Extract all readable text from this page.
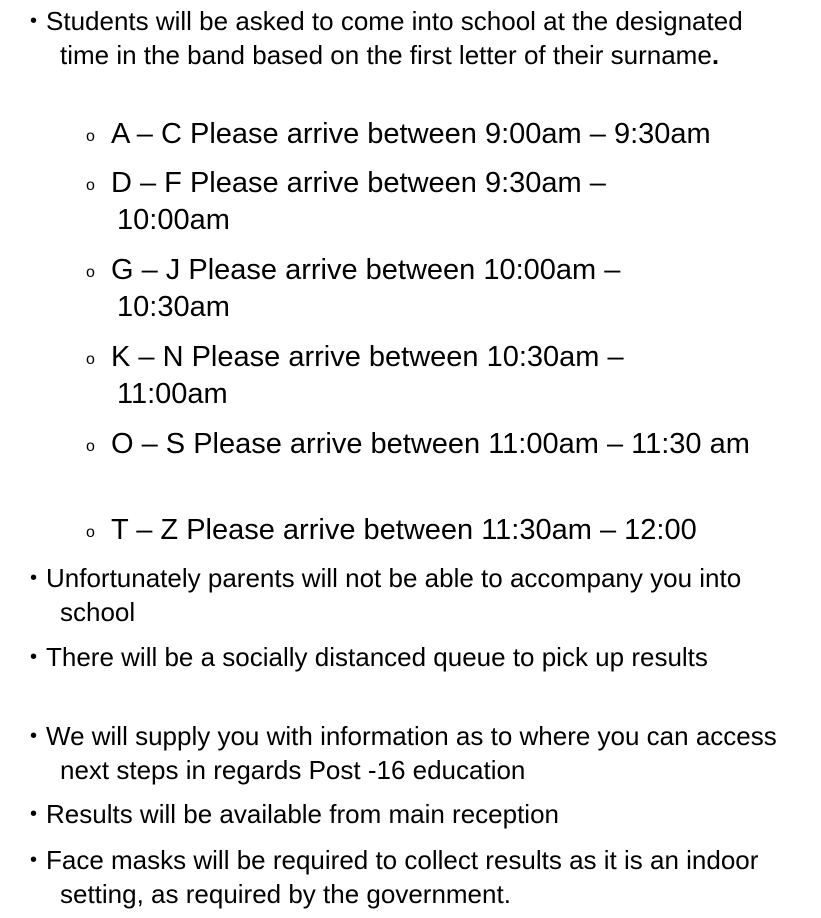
• Students will be asked to come into school at the designated time in the band based on the first letter of their surname.
o A – C Please arrive between 9:00am – 9:30am
o D – F Please arrive between 9:30am – 10:00am
o G – J Please arrive between 10:00am – 10:30am
o K – N Please arrive between 10:30am – 11:00am
o O – S Please arrive between 11:00am – 11:30 am
o T – Z Please arrive between 11:30am – 12:00
• Unfortunately parents will not be able to accompany you into school
• There will be a socially distanced queue to pick up results
• We will supply you with information as to where you can access next steps in regards Post -16 education
• Results will be available from main reception
• Face masks will be required to collect results as it is an indoor setting, as required by the government.
